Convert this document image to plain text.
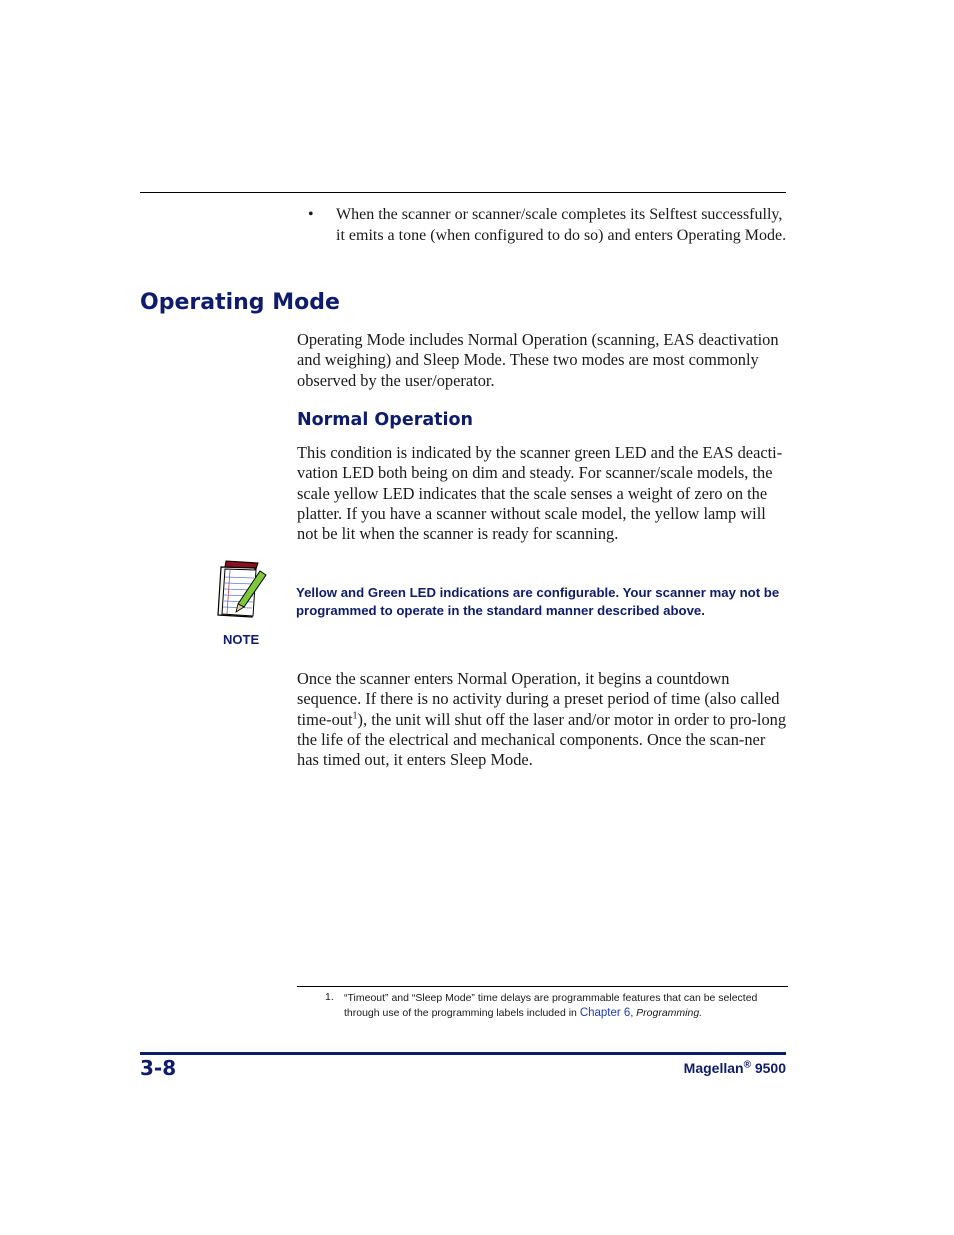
• When the scanner or scanner/scale completes its Selftest successfully, it emits a tone (when configured to do so) and enters Operating Mode.
Operating Mode
Operating Mode includes Normal Operation (scanning, EAS deactivation and weighing) and Sleep Mode. These two modes are most commonly observed by the user/operator.
Normal Operation
This condition is indicated by the scanner green LED and the EAS deacti-vation LED both being on dim and steady. For scanner/scale models, the scale yellow LED indicates that the scale senses a weight of zero on the platter. If you have a scanner without scale model, the yellow lamp will not be lit when the scanner is ready for scanning.
NOTE
Yellow and Green LED indications are configurable. Your scanner may not be programmed to operate in the standard manner described above.
Once the scanner enters Normal Operation, it begins a countdown sequence. If there is no activity during a preset period of time (also called time-out$^1$), the unit will shut off the laser and/or motor in order to pro-long the life of the electrical and mechanical components. Once the scan-ner has timed out, it enters Sleep Mode.
1. “Timeout” and “Sleep Mode” time delays are programmable features that can be selected through use of the programming labels included in Chapter 6, Programming.
3-8	Magellan® 9500
